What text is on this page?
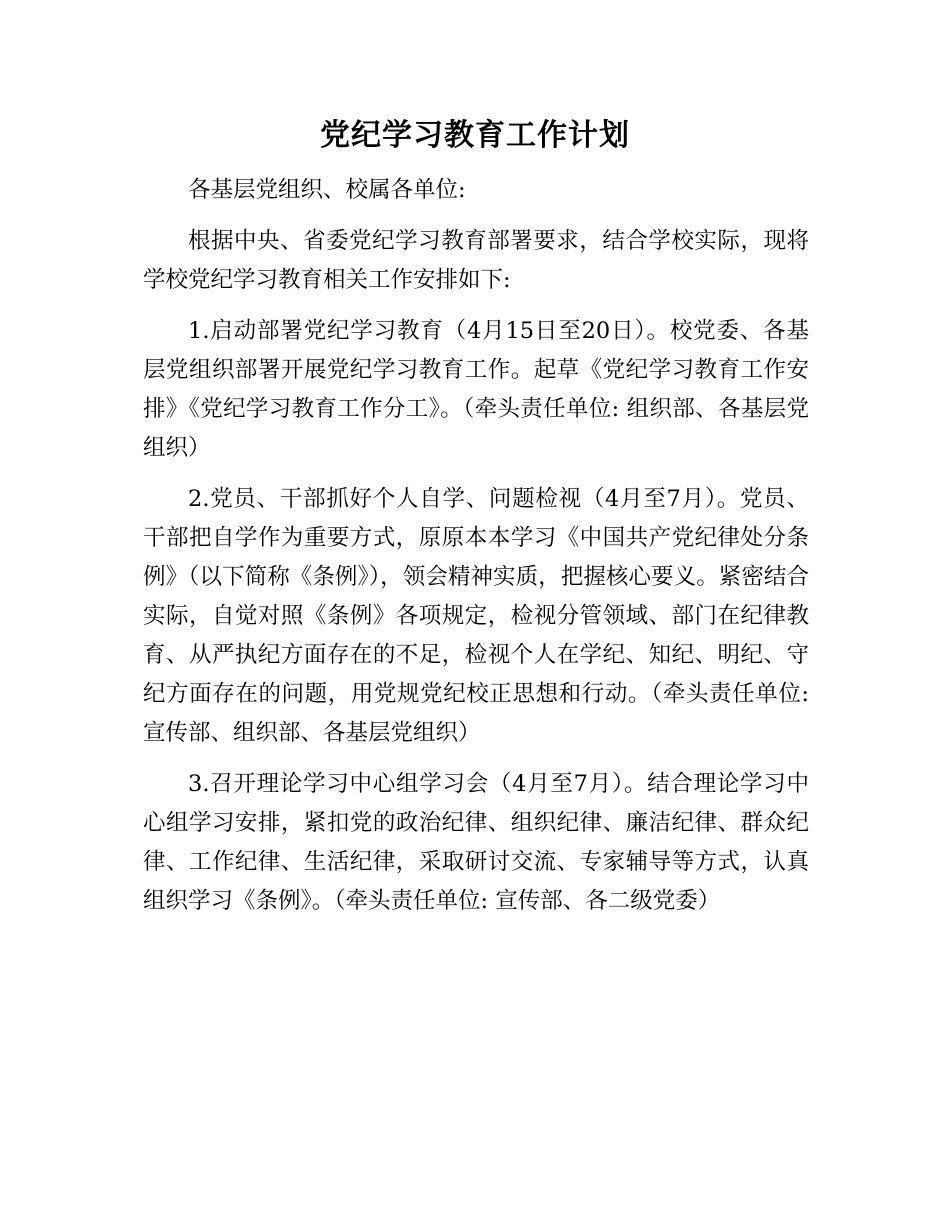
党纪学习教育工作计划

各基层党组织、校属各单位:

根据中央、省委党纪学习教育部署要求，结合学校实际，现将学校党纪学习教育相关工作安排如下:

1.启动部署党纪学习教育（4月15日至20日）。校党委、各基层党组织部署开展党纪学习教育工作。起草《党纪学习教育工作安排》《党纪学习教育工作分工》。（牵头责任单位: 组织部、各基层党组织）

2.党员、干部抓好个人自学、问题检视（4月至7月）。党员、干部把自学作为重要方式，原原本本学习《中国共产党纪律处分条例》（以下简称《条例》），领会精神实质，把握核心要义。紧密结合实际，自觉对照《条例》各项规定，检视分管领域、部门在纪律教育、从严执纪方面存在的不足，检视个人在学纪、知纪、明纪、守纪方面存在的问题，用党规党纪校正思想和行动。（牵头责任单位: 宣传部、组织部、各基层党组织）

3.召开理论学习中心组学习会（4月至7月）。结合理论学习中心组学习安排，紧扣党的政治纪律、组织纪律、廉洁纪律、群众纪律、工作纪律、生活纪律，采取研讨交流、专家辅导等方式，认真组织学习《条例》。（牵头责任单位: 宣传部、各二级党委）
